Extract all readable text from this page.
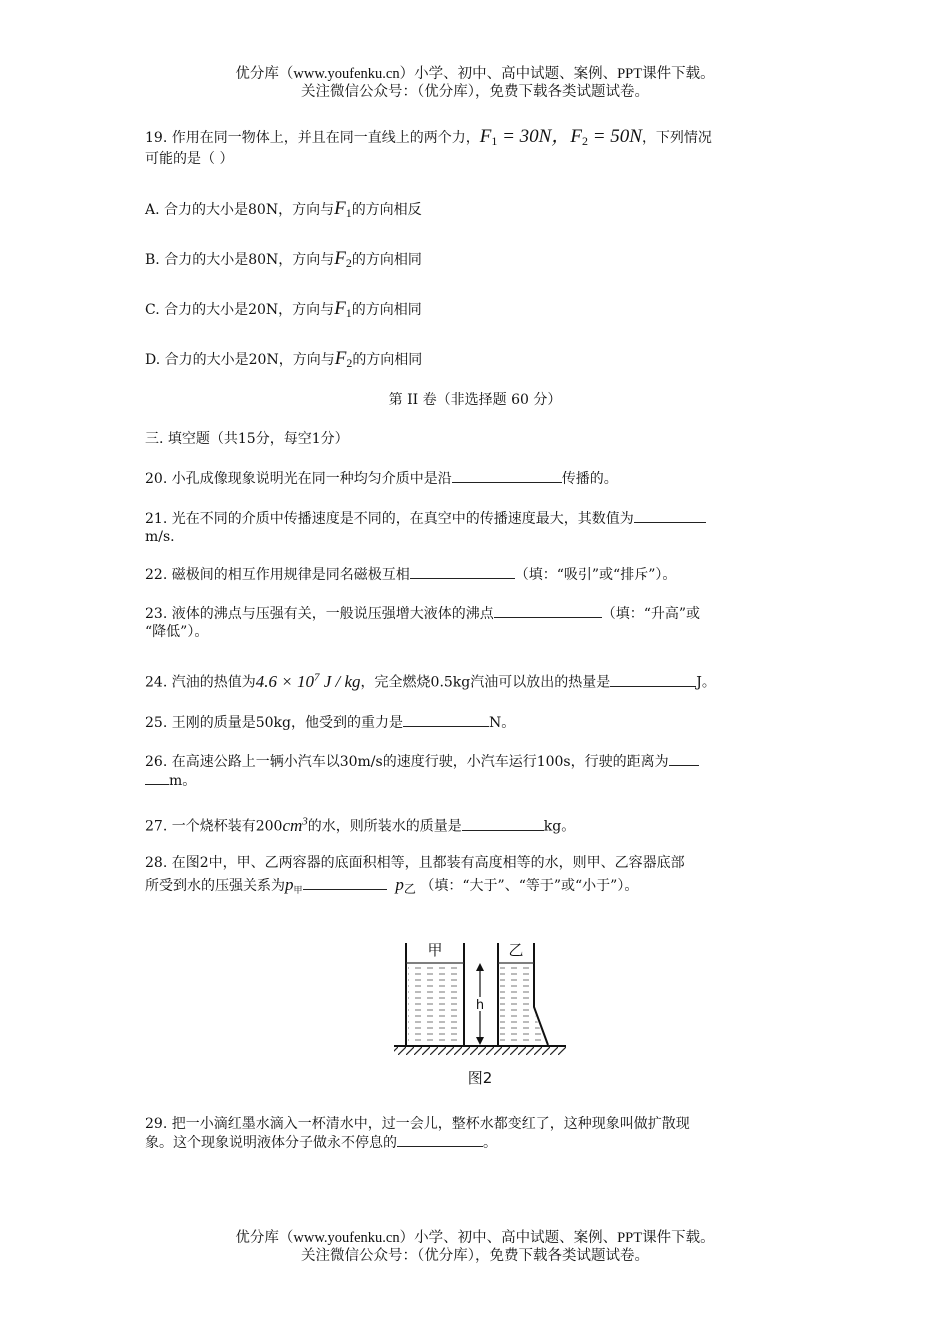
优分库（www.youfenku.cn）小学、初中、高中试题、案例、PPT课件下载。
关注微信公众号：（优分库），免费下载各类试题试卷。
19. 作用在同一物体上，并且在同一直线上的两个力，$F_1 = 30N$，$F_2 = 50N$，下列情况
可能的是（ ）
A. 合力的大小是80N，方向与$F_1$的方向相反
B. 合力的大小是80N，方向与$F_2$的方向相同
C. 合力的大小是20N，方向与$F_1$的方向相同
D. 合力的大小是20N，方向与$F_2$的方向相同
第 II 卷（非选择题 60 分）
三. 填空题（共15分，每空1分）
20. 小孔成像现象说明光在同一种均匀介质中是沿	传播的。
21. 光在不同的介质中传播速度是不同的，在真空中的传播速度最大，其数值为
m/s.
22. 磁极间的相互作用规律是同名磁极互相	（填：“吸引”或“排斥”）。
23. 液体的沸点与压强有关，一般说压强增大液体的沸点	（填：“升高”或
“降低”）。
24. 汽油的热值为$4.6 \times 10^7$ J / kg，完全燃烧0.5kg汽油可以放出的热量是	J。
25. 王刚的质量是50kg，他受到的重力是	N。
26. 在高速公路上一辆小汽车以30m/s的速度行驶，小汽车运行100s，行驶的距离为
m。
27. 一个烧杯装有$200cm^3$的水，则所装水的质量是	kg。
28. 在图2中，甲、乙两容器的底面积相等，且都装有高度相等的水，则甲、乙容器底部
所受到水的压强关系为$p_甲$	$p_乙$ （填：“大于”、“等于”或“小于”）。
甲
h
乙
图2
29. 把一小滴红墨水滴入一杯清水中，过一会儿，整杯水都变红了，这种现象叫做扩散现
象。这个现象说明液体分子做永不停息的	。
优分库（www.youfenku.cn）小学、初中、高中试题、案例、PPT课件下载。
关注微信公众号：（优分库），免费下载各类试题试卷。
